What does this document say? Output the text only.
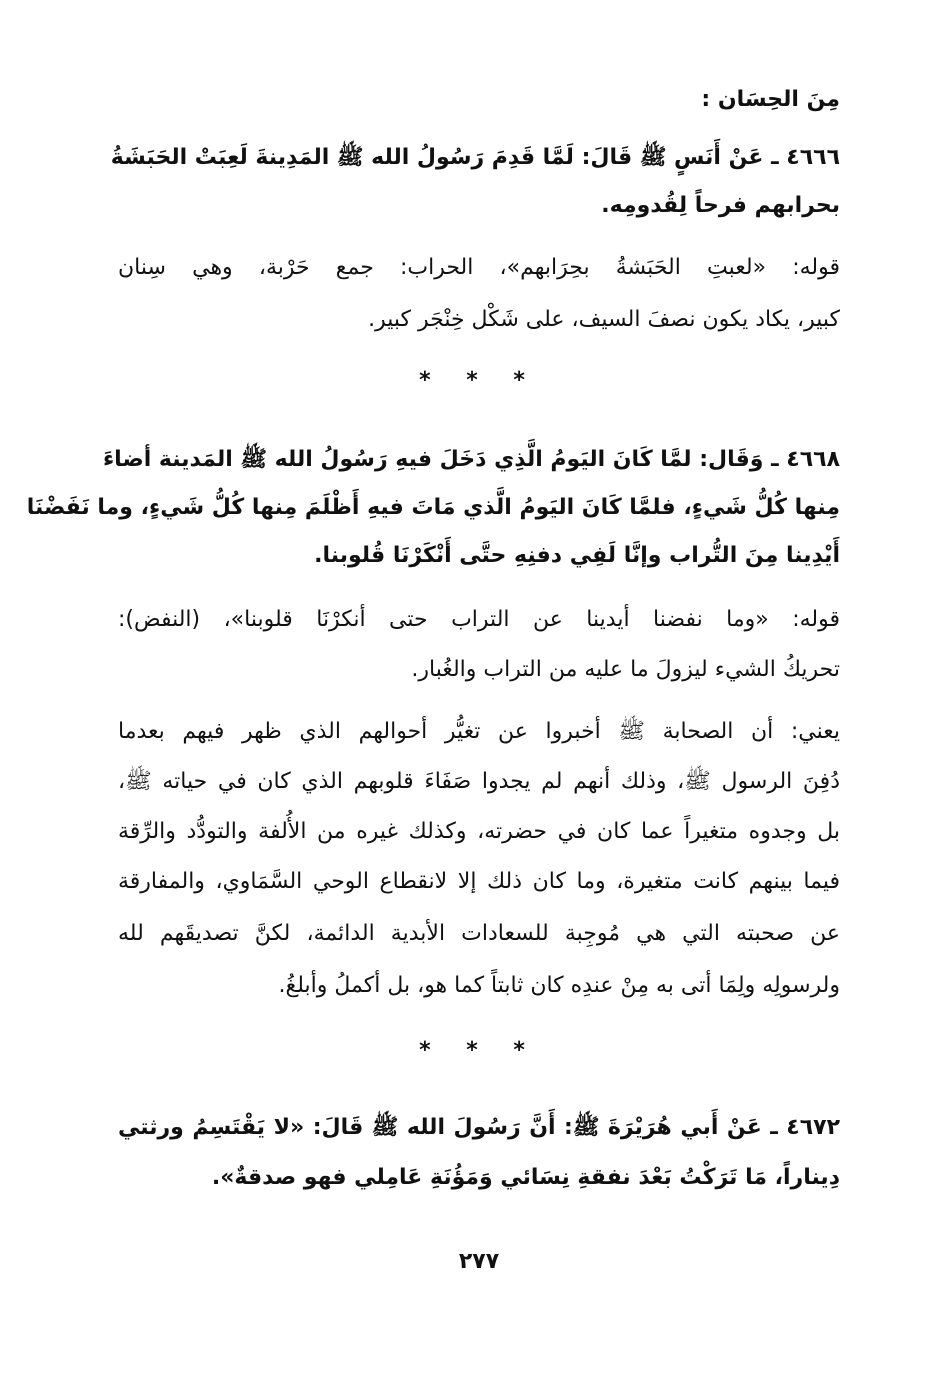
مِنَ الحِسَان :
٤٦٦٦ ـ عَنْ أَنَسٍ ﷺ قَالَ: لَمَّا قَدِمَ رَسُولُ الله ﷺ المَدِينةَ لَعِبَتْ الحَبَشَةُ
بحرابهم فرحاً لِقُدومِه.
قوله: «لعبتِ الحَبَشةُ بحِرَابهم»، الحراب: جمع حَرْبة، وهي سِنان
كبير، يكاد يكون نصفَ السيف، على شَكْل خِنْجَر كبير.
* * *
٤٦٦٨ ـ وَقَال: لمَّا كَانَ اليَومُ الَّذِي دَخَلَ فيهِ رَسُولُ الله ﷺ المَدينة أضاءَ
مِنها كُلُّ شَيءٍ، فلمَّا كَانَ اليَومُ الَّذي مَاتَ فيهِ أَظْلَمَ مِنها كُلُّ شَيءٍ، وما نَفَضْنَا
أَيْدِينا مِنَ التُّراب وإنَّا لَفِي دفنِهِ حتَّى أَنْكَرْنَا قُلوبنا.
قوله: «وما نفضنا أيدينا عن التراب حتى أنكرْنَا قلوبنا»، (النفض):
تحريكُ الشيء ليزولَ ما عليه من التراب والغُبار.
يعني: أن الصحابة ﷺ أخبروا عن تغيُّر أحوالهم الذي ظهر فيهم بعدما
دُفِنَ الرسول ﷺ، وذلك أنهم لم يجدوا صَفَاءَ قلوبهم الذي كان في حياته ﷺ،
بل وجدوه متغيراً عما كان في حضرته، وكذلك غيره من الأُلفة والتودُّد والرِّقة
فيما بينهم كانت متغيرة، وما كان ذلك إلا لانقطاع الوحي السَّمَاوي، والمفارقة
عن صحبته التي هي مُوجِبة للسعادات الأبدية الدائمة، لكنَّ تصديقَهم لله
ولرسولِه ولِمَا أتى به مِنْ عندِه كان ثابتاً كما هو، بل أكملُ وأبلغُ.
* * *
٤٦٧٢ ـ عَنْ أَبي هُرَيْرَةَ ﷺ: أَنَّ رَسُولَ الله ﷺ قَالَ: «لا يَقْتَسِمُ ورثتي
دِيناراً، مَا تَرَكْتُ بَعْدَ نفقةِ نِسَائي وَمَؤُنَةِ عَامِلي فهو صدقةٌ».
٢٧٧
